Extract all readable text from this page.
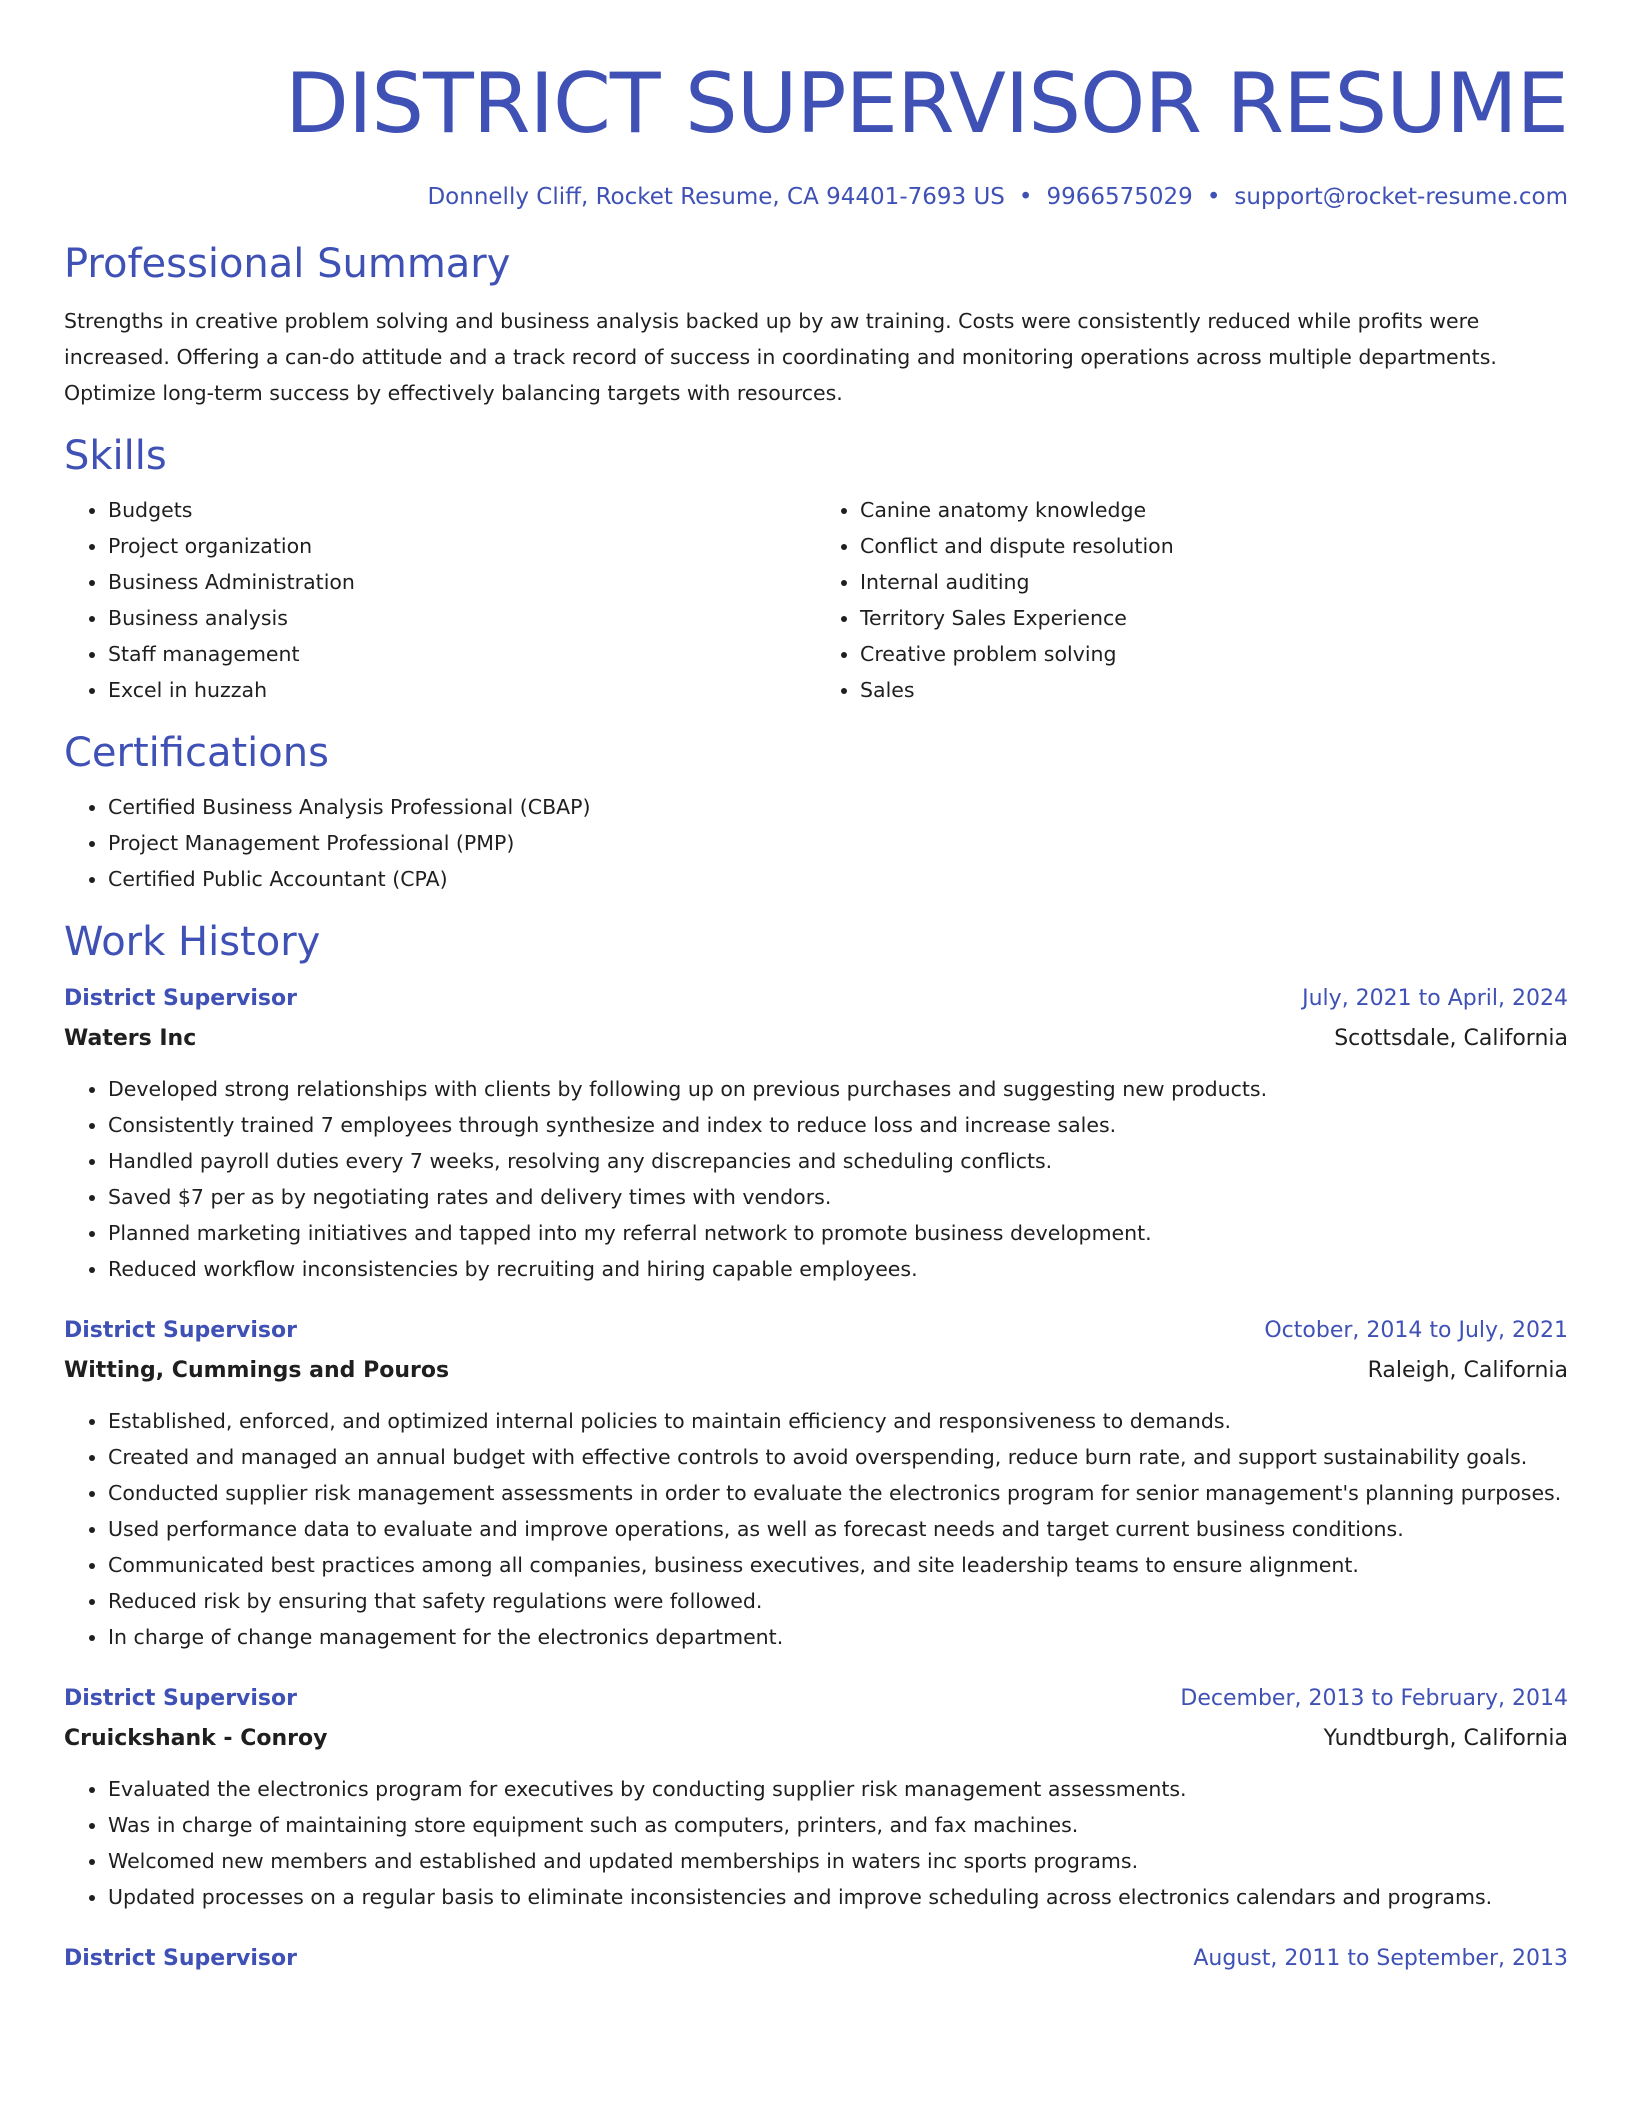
DISTRICT SUPERVISOR RESUME
Donnelly Cliff, Rocket Resume, CA 94401-7693 US • 9966575029 • support@rocket-resume.com
Professional Summary

Strengths in creative problem solving and business analysis backed up by aw training. Costs were consistently reduced while profits were increased. Offering a can-do attitude and a track record of success in coordinating and monitoring operations across multiple departments. Optimize long-term success by effectively balancing targets with resources.

Skills
• Budgets
• Project organization
• Business Administration
• Business analysis
• Staff management
• Excel in huzzah
• Canine anatomy knowledge
• Conflict and dispute resolution
• Internal auditing
• Territory Sales Experience
• Creative problem solving
• Sales
Certifications
• Certified Business Analysis Professional (CBAP)
• Project Management Professional (PMP)
• Certified Public Accountant (CPA)
Work History
District Supervisor	July, 2021 to April, 2024
Waters Inc	Scottsdale, California
• Developed strong relationships with clients by following up on previous purchases and suggesting new products.
• Consistently trained 7 employees through synthesize and index to reduce loss and increase sales.
• Handled payroll duties every 7 weeks, resolving any discrepancies and scheduling conflicts.
• Saved $7 per as by negotiating rates and delivery times with vendors.
• Planned marketing initiatives and tapped into my referral network to promote business development.
• Reduced workflow inconsistencies by recruiting and hiring capable employees.
District Supervisor	October, 2014 to July, 2021
Witting, Cummings and Pouros	Raleigh, California
• Established, enforced, and optimized internal policies to maintain efficiency and responsiveness to demands.
• Created and managed an annual budget with effective controls to avoid overspending, reduce burn rate, and support sustainability goals.
• Conducted supplier risk management assessments in order to evaluate the electronics program for senior management's planning purposes.
• Used performance data to evaluate and improve operations, as well as forecast needs and target current business conditions.
• Communicated best practices among all companies, business executives, and site leadership teams to ensure alignment.
• Reduced risk by ensuring that safety regulations were followed.
• In charge of change management for the electronics department.
District Supervisor	December, 2013 to February, 2014
Cruickshank - Conroy	Yundtburgh, California
• Evaluated the electronics program for executives by conducting supplier risk management assessments.
• Was in charge of maintaining store equipment such as computers, printers, and fax machines.
• Welcomed new members and established and updated memberships in waters inc sports programs.
• Updated processes on a regular basis to eliminate inconsistencies and improve scheduling across electronics calendars and programs.
District Supervisor	August, 2011 to September, 2013
